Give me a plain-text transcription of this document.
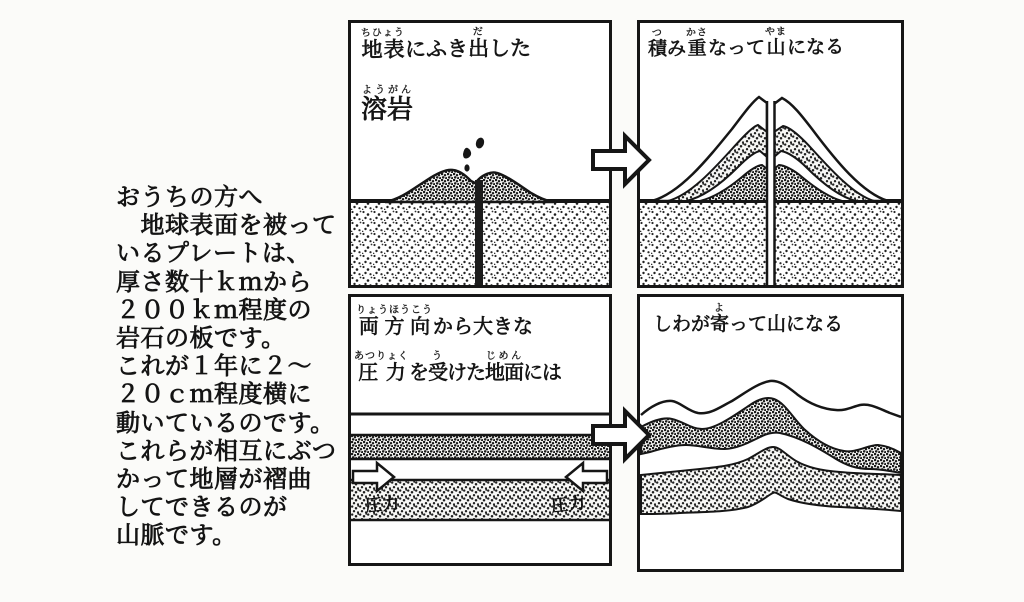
おうちの方へ
　地球表面を被って
いるプレートは、
厚さ数十ｋｍから
２００ｋｍ程度の
岩石の板です。
これが１年に２～
２０ｃｍ程度横に
動いているのです。
これらが相互にぶつ
かって地層が褶曲
してできるのが
山脈です。
地表ちひょうにふき出だした
溶岩ようがん
積つみ重かさなって山やまになる
両方向りょうほうこうから大きな
圧力あつりょくを受うけた地面じめんには
圧力	圧力
しわが寄よって山になる
